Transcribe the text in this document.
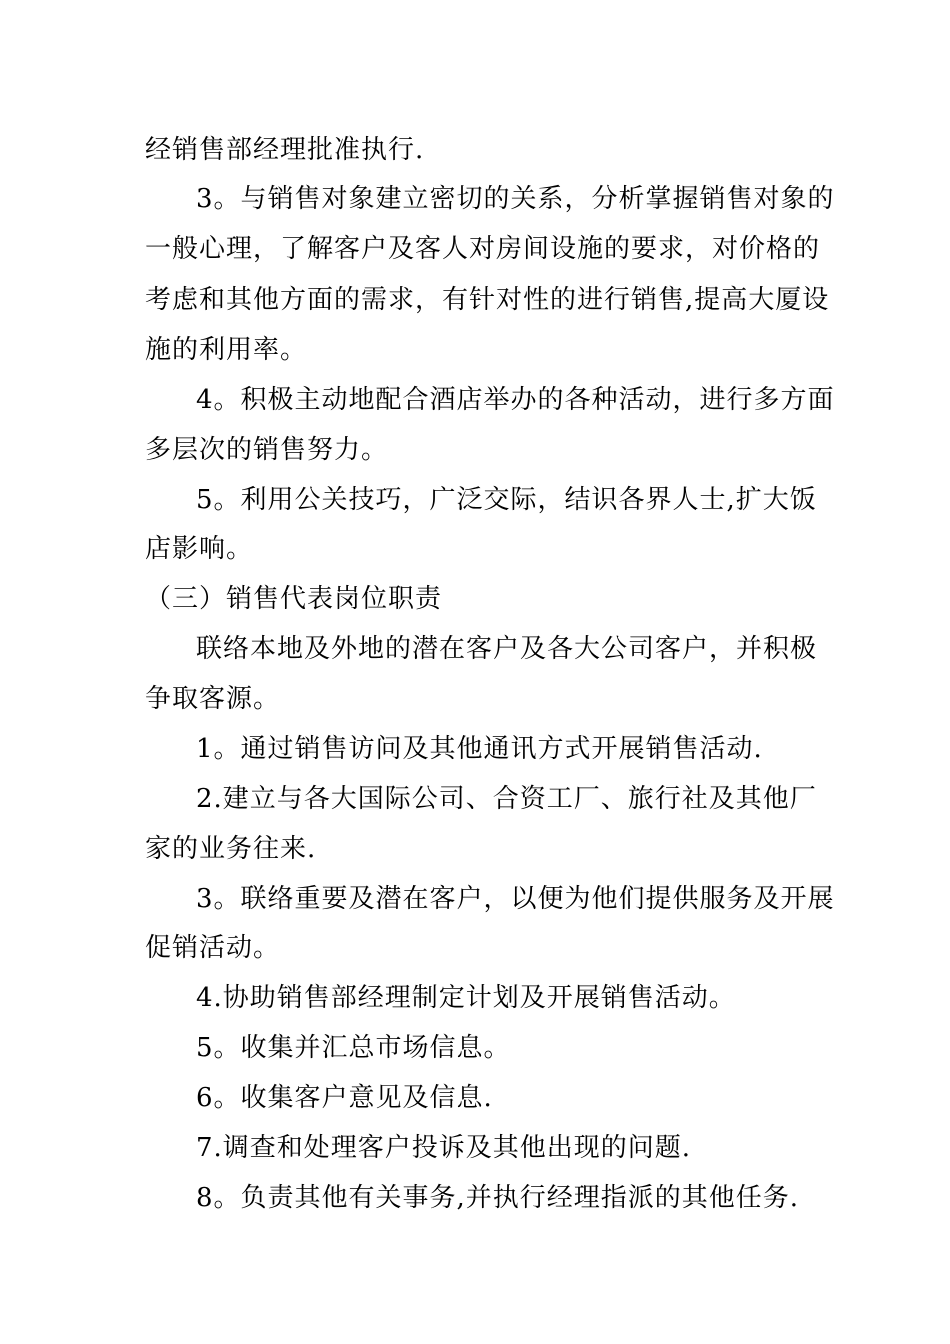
经销售部经理批准执行.
3。与销售对象建立密切的关系，分析掌握销售对象的
一般心理，了解客户及客人对房间设施的要求，对价格的
考虑和其他方面的需求，有针对性的进行销售,提高大厦设
施的利用率。
4。积极主动地配合酒店举办的各种活动，进行多方面
多层次的销售努力。
5。利用公关技巧，广泛交际，结识各界人士,扩大饭
店影响。
（三）销售代表岗位职责
联络本地及外地的潜在客户及各大公司客户，并积极
争取客源。
1。通过销售访问及其他通讯方式开展销售活动.
2.建立与各大国际公司、合资工厂、旅行社及其他厂
家的业务往来.
3。联络重要及潜在客户，以便为他们提供服务及开展
促销活动。
4.协助销售部经理制定计划及开展销售活动。
5。收集并汇总市场信息。
6。收集客户意见及信息.
7.调查和处理客户投诉及其他出现的问题.
8。负责其他有关事务,并执行经理指派的其他任务.
